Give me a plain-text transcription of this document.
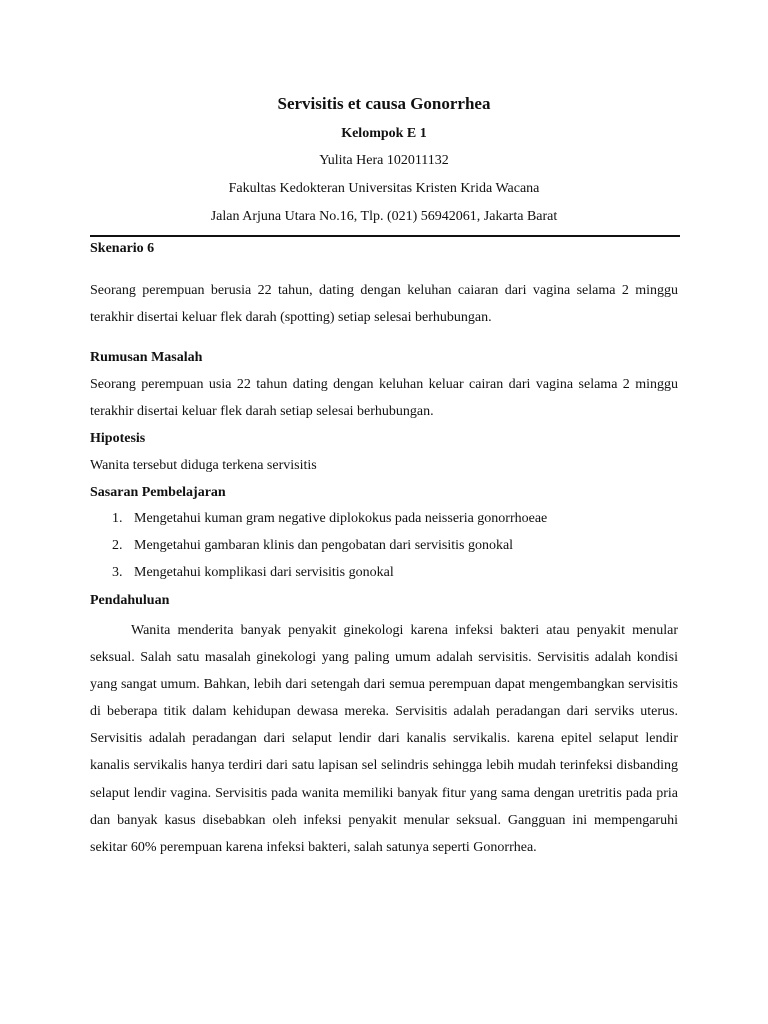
Servisitis et causa Gonorrhea
Kelompok E 1
Yulita Hera 102011132
Fakultas Kedokteran Universitas Kristen Krida Wacana
Jalan Arjuna Utara No.16, Tlp. (021) 56942061, Jakarta Barat
Skenario 6
Seorang perempuan berusia 22 tahun, dating dengan keluhan caiaran dari vagina selama 2 minggu terakhir disertai keluar flek darah (spotting) setiap selesai berhubungan.
Rumusan Masalah
Seorang perempuan usia 22 tahun dating dengan keluhan keluar cairan dari vagina selama 2 minggu terakhir disertai keluar flek darah setiap selesai berhubungan.
Hipotesis
Wanita tersebut diduga terkena servisitis
Sasaran Pembelajaran
1. Mengetahui kuman gram negative diplokokus pada neisseria gonorrhoeae
2. Mengetahui gambaran klinis dan pengobatan dari servisitis gonokal
3. Mengetahui komplikasi dari servisitis gonokal
Pendahuluan
Wanita menderita banyak penyakit ginekologi karena infeksi bakteri atau penyakit menular seksual. Salah satu masalah ginekologi yang paling umum adalah servisitis. Servisitis adalah kondisi yang sangat umum. Bahkan, lebih dari setengah dari semua perempuan dapat mengembangkan servisitis di beberapa titik dalam kehidupan dewasa mereka. Servisitis adalah peradangan dari serviks uterus. Servisitis adalah peradangan dari selaput lendir dari kanalis servikalis. karena epitel selaput lendir kanalis servikalis hanya terdiri dari satu lapisan sel selindris sehingga lebih mudah terinfeksi disbanding selaput lendir vagina. Servisitis pada wanita memiliki banyak fitur yang sama dengan uretritis pada pria dan banyak kasus disebabkan oleh infeksi penyakit menular seksual. Gangguan ini mempengaruhi sekitar 60% perempuan karena infeksi bakteri, salah satunya seperti Gonorrhea.
